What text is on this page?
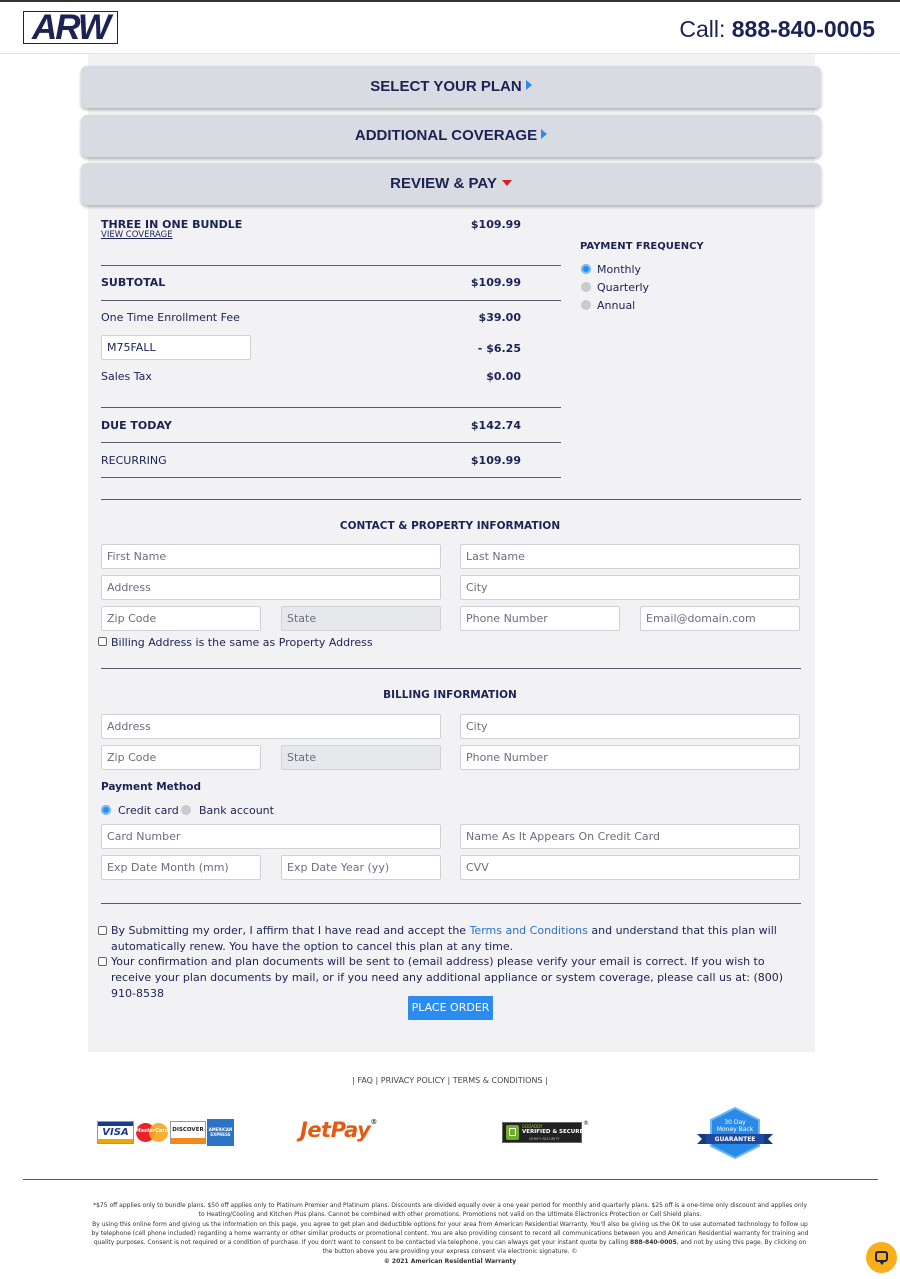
ARW	Call: 888-840-0005
SELECT YOUR PLAN
ADDITIONAL COVERAGE
REVIEW & PAY
THREE IN ONE BUNDLE	$109.99
VIEW COVERAGE
SUBTOTAL	$109.99
One Time Enrollment Fee	$39.00
M75FALL	- $6.25
Sales Tax	$0.00
DUE TODAY	$142.74
RECURRING	$109.99
PAYMENT FREQUENCY
Monthly
Quarterly
Annual
CONTACT & PROPERTY INFORMATION
First Name	Last Name
Address	City
Zip Code	State	Phone Number	Email@domain.com
Billing Address is the same as Property Address
BILLING INFORMATION
Address	City
Zip Code	State	Phone Number
Payment Method
Credit card Bank account
Card Number	Name As It Appears On Credit Card
Exp Date Month (mm)	Exp Date Year (yy)	CVV
By Submitting my order, I affirm that I have read and accept the Terms and Conditions and understand that this plan will automatically renew. You have the option to cancel this plan at any time.
Your confirmation and plan documents will be sent to (email address) please verify your email is correct. If you wish to receive your plan documents by mail, or if you need any additional appliance or system coverage, please call us at: (800) 910-8538
PLACE ORDER
| FAQ | PRIVACY POLICY | TERMS & CONDITIONS |
VISA	MasterCard DISCOVER	AMERICAN EXPRESS	JetPay®
GODADDY
VERIFIED & SECURED
VERIFY SECURITY
®	30 Day
Money Back
GUARANTEE
*$75 off applies only to bundle plans. $50 off applies only to Platinum Premier and Platinum plans. Discounts are divided equally over a one year period for monthly and quarterly plans. $25 off is a one-time only discount and applies only to Heating/Cooling and Kitchen Plus plans. Cannot be combined with other promotions. Promotions not valid on the Ultimate Electronics Protection or Cell Shield plans.
By using this online form and giving us the information on this page, you agree to get plan and deductible options for your area from American Residential Warranty. You'll also be giving us the OK to use automated technology to follow up by telephone (cell phone included) regarding a home warranty or other similar products or promotional content. You are also providing consent to record all communications between you and American Residential warranty for training and quality purposes. Consent is not required or a condition of purchase. If you don't want to consent to be contacted via telephone, you can always get your instant quote by calling 888-840-0005, and not by using this page. By clicking on the button above you are providing your express consent via electronic signature. ©
© 2021 American Residential Warranty
